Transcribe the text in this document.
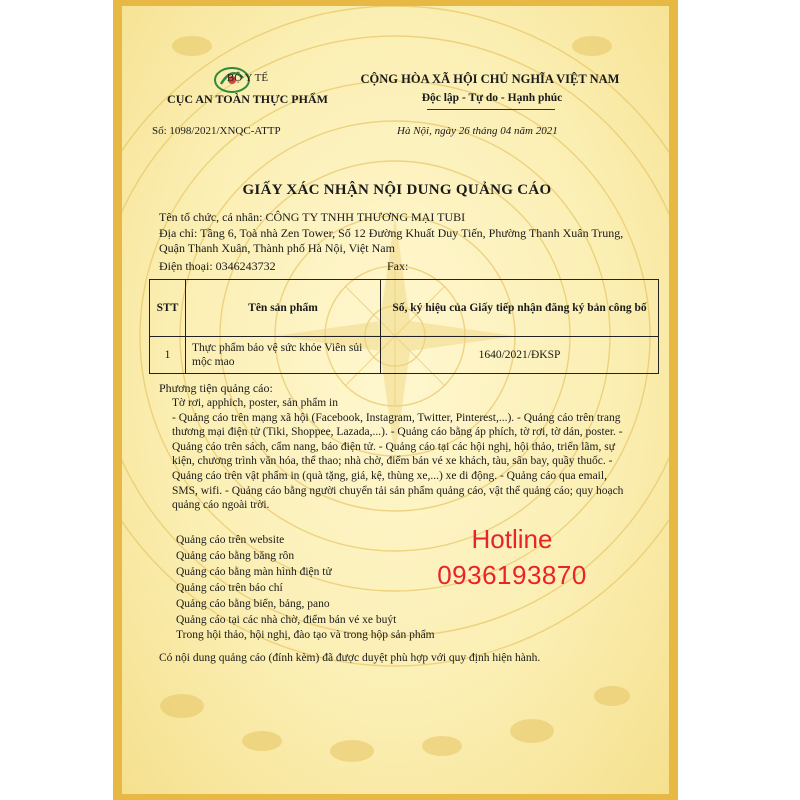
BỘ Y TẾ
CỤC AN TOÀN THỰC PHẨM
CỘNG HÒA XÃ HỘI CHỦ NGHĨA VIỆT NAM
Độc lập - Tự do - Hạnh phúc
Số: 1098/2021/XNQC-ATTP	Hà Nội, ngày 26 tháng 04 năm 2021
GIẤY XÁC NHẬN NỘI DUNG QUẢNG CÁO
Tên tổ chức, cá nhân: CÔNG TY TNHH THƯƠNG MẠI TUBI
Địa chỉ: Tầng 6, Toà nhà Zen Tower, Số 12 Đường Khuất Duy Tiến, Phường Thanh Xuân Trung, Quận Thanh Xuân, Thành phố Hà Nội, Việt Nam
Điện thoại: 0346243732	Fax:
STT	Tên sản phẩm	Số, ký hiệu của Giấy tiếp nhận đăng ký bản công bố
1	Thực phẩm bảo vệ sức khỏe Viên sủi mộc mao	1640/2021/ĐKSP
Phương tiện quảng cáo:
Tờ rơi, apphich, poster, sản phẩm in
- Quảng cáo trên mạng xã hội (Facebook, Instagram, Twitter, Pinterest,...). - Quảng cáo trên trang thương mại điện tử (Tiki, Shoppee, Lazada,...). - Quảng cáo bằng áp phích, tờ rơi, tờ dán, poster. - Quảng cáo trên sách, cẩm nang, báo điện tử. - Quảng cáo tại các hội nghị, hội thảo, triển lãm, sự kiện, chương trình văn hóa, thể thao; nhà chờ, điểm bán vé xe khách, tàu, sân bay, quầy thuốc. - Quảng cáo trên vật phẩm in (quà tặng, giá, kệ, thùng xe,...) xe di động. - Quảng cáo qua email, SMS, wifi. - Quảng cáo bằng người chuyển tải sản phẩm quảng cáo, vật thể quảng cáo; quy hoạch quảng cáo ngoài trời.
Quảng cáo trên website
Quảng cáo bằng băng rôn
Quảng cáo bằng màn hình điện tử
Quảng cáo trên báo chí
Quảng cáo bằng biển, bảng, pano
Quảng cáo tại các nhà chờ, điểm bán vé xe buýt
Trong hội thảo, hội nghị, đào tạo và trong hộp sản phẩm
Có nội dung quảng cáo (đính kèm) đã được duyệt phù hợp với quy định hiện hành.
Hotline
0936193870
